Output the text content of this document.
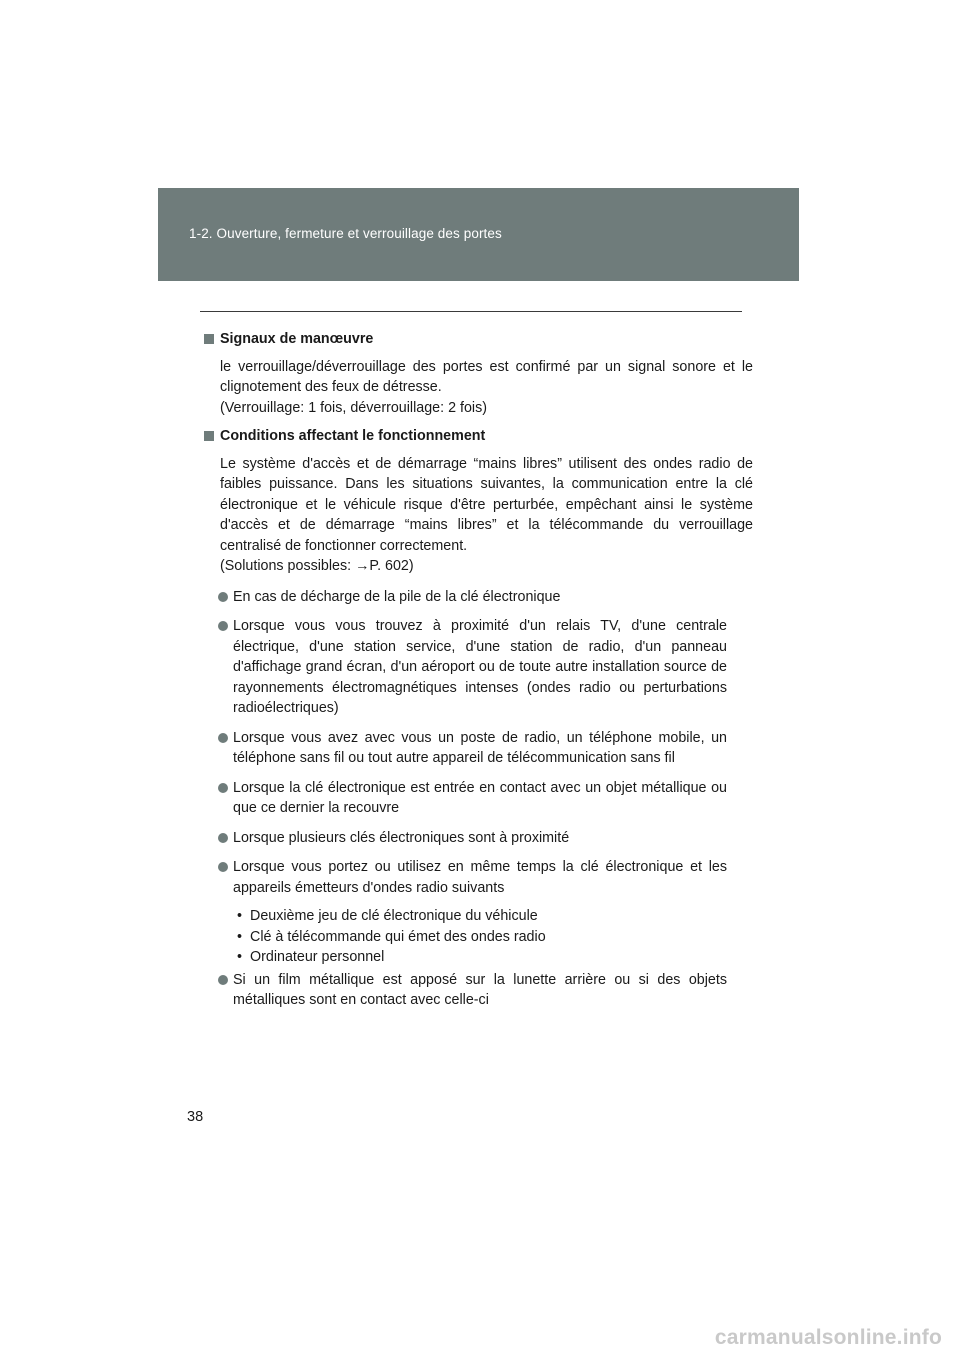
1-2. Ouverture, fermeture et verrouillage des portes
Signaux de manœuvre

le verrouillage/déverrouillage des portes est confirmé par un signal sonore et le clignotement des feux de détresse.

(Verrouillage: 1 fois, déverrouillage: 2 fois)

Conditions affectant le fonctionnement

Le système d'accès et de démarrage “mains libres” utilisent des ondes radio de faibles puissance. Dans les situations suivantes, la communication entre la clé électronique et le véhicule risque d'être perturbée, empêchant ainsi le système d'accès et de démarrage “mains libres” et la télécommande du verrouillage centralisé de fonctionner correctement.

(Solutions possibles: →P. 602)

En cas de décharge de la pile de la clé électronique
Lorsque vous vous trouvez à proximité d'un relais TV, d'une centrale électrique, d'une station service, d'une station de radio, d'un panneau d'affichage grand écran, d'un aéroport ou de toute autre installation source de rayonnements électromagnétiques intenses (ondes radio ou perturbations radioélectriques)
Lorsque vous avez avec vous un poste de radio, un téléphone mobile, un téléphone sans fil ou tout autre appareil de télécommunication sans fil
Lorsque la clé électronique est entrée en contact avec un objet métallique ou que ce dernier la recouvre
Lorsque plusieurs clés électroniques sont à proximité
Lorsque vous portez ou utilisez en même temps la clé électronique et les appareils émetteurs d'ondes radio suivants
• Deuxième jeu de clé électronique du véhicule
• Clé à télécommande qui émet des ondes radio
• Ordinateur personnel
Si un film métallique est apposé sur la lunette arrière ou si des objets métalliques sont en contact avec celle-ci
38
carmanualsonline.info
